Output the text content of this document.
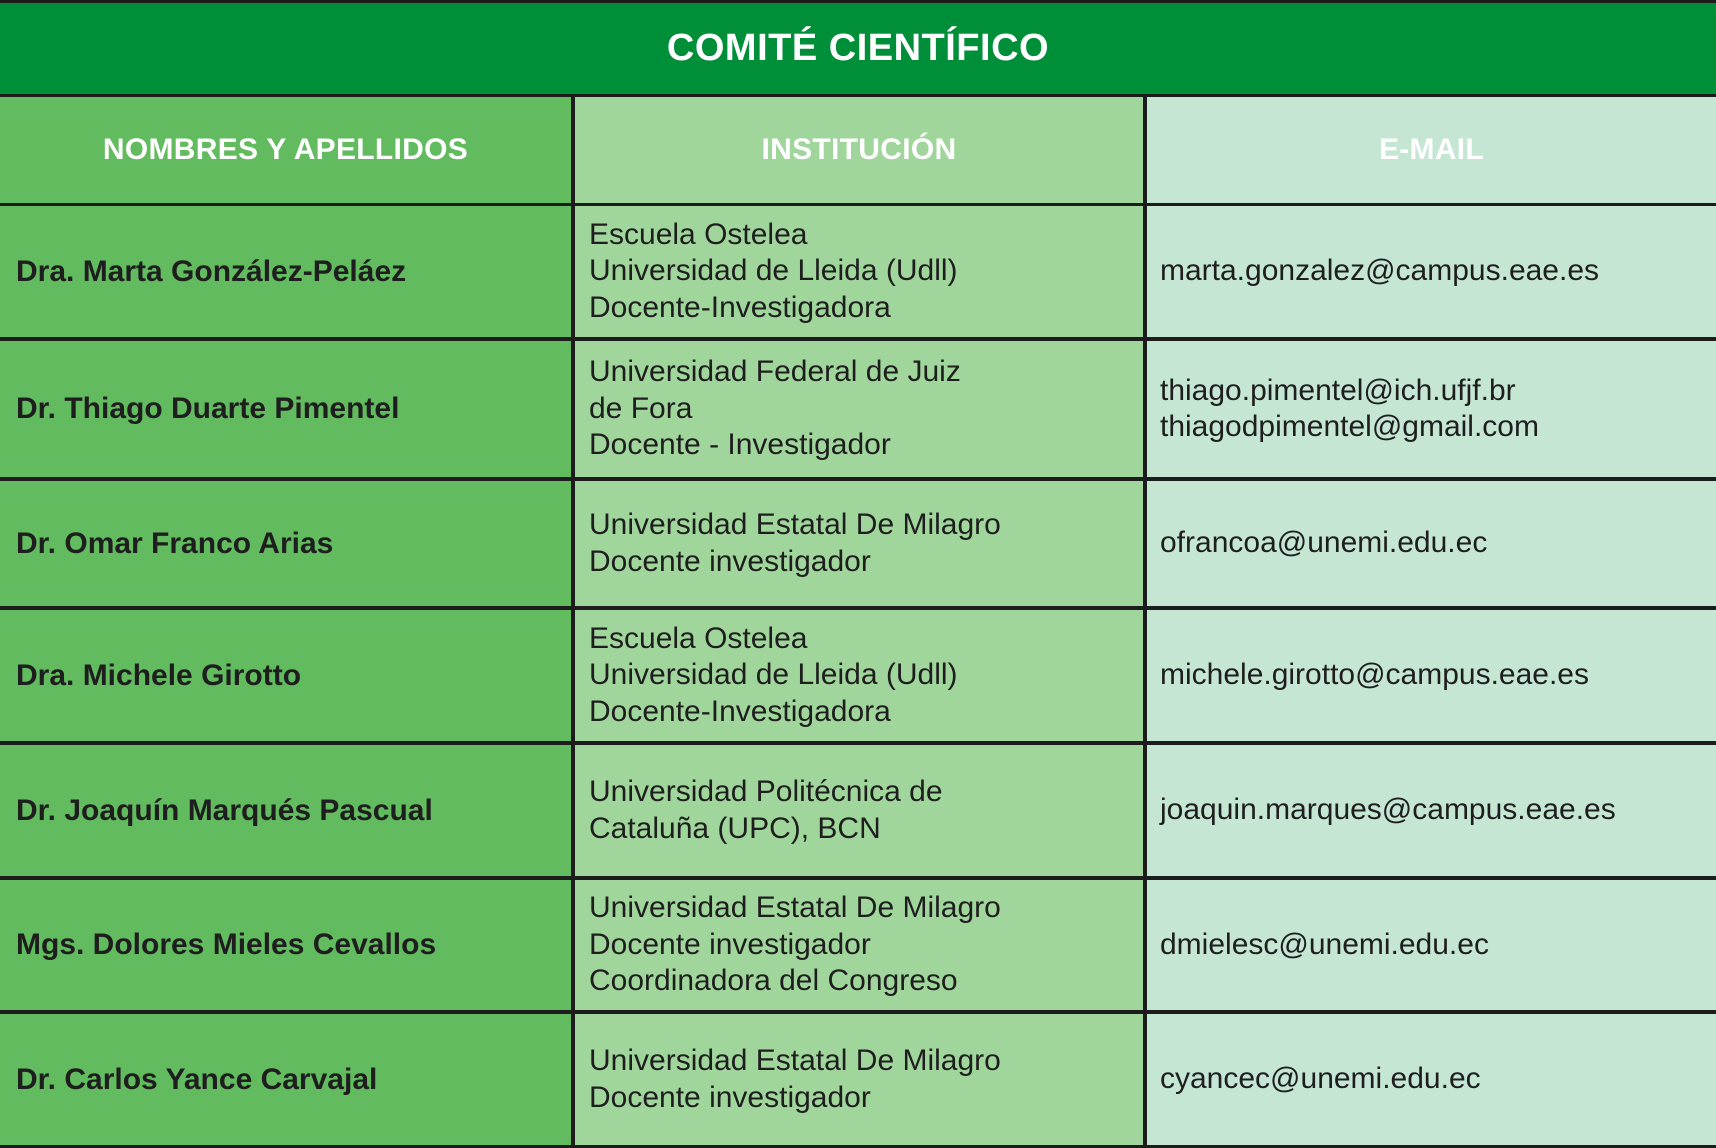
COMITÉ CIENTÍFICO
NOMBRES Y APELLIDOS	INSTITUCIÓN	E-MAIL
Dra. Marta González-Peláez
Escuela Ostelea
Universidad de Lleida (Udll)
Docente-Investigadora
marta.gonzalez@campus.eae.es
Dr. Thiago Duarte Pimentel
Universidad Federal de Juiz
de Fora
Docente - Investigador
thiago.pimentel@ich.ufjf.br
thiagodpimentel@gmail.com
Dr. Omar Franco Arias
Universidad Estatal De Milagro
Docente investigador
ofrancoa@unemi.edu.ec
Dra. Michele Girotto
Escuela Ostelea
Universidad de Lleida (Udll)
Docente-Investigadora
michele.girotto@campus.eae.es
Dr. Joaquín Marqués Pascual
Universidad Politécnica de
Cataluña (UPC), BCN
joaquin.marques@campus.eae.es
Mgs. Dolores Mieles Cevallos
Universidad Estatal De Milagro
Docente investigador
Coordinadora del Congreso
dmielesc@unemi.edu.ec
Dr. Carlos Yance Carvajal
Universidad Estatal De Milagro
Docente investigador
cyancec@unemi.edu.ec
